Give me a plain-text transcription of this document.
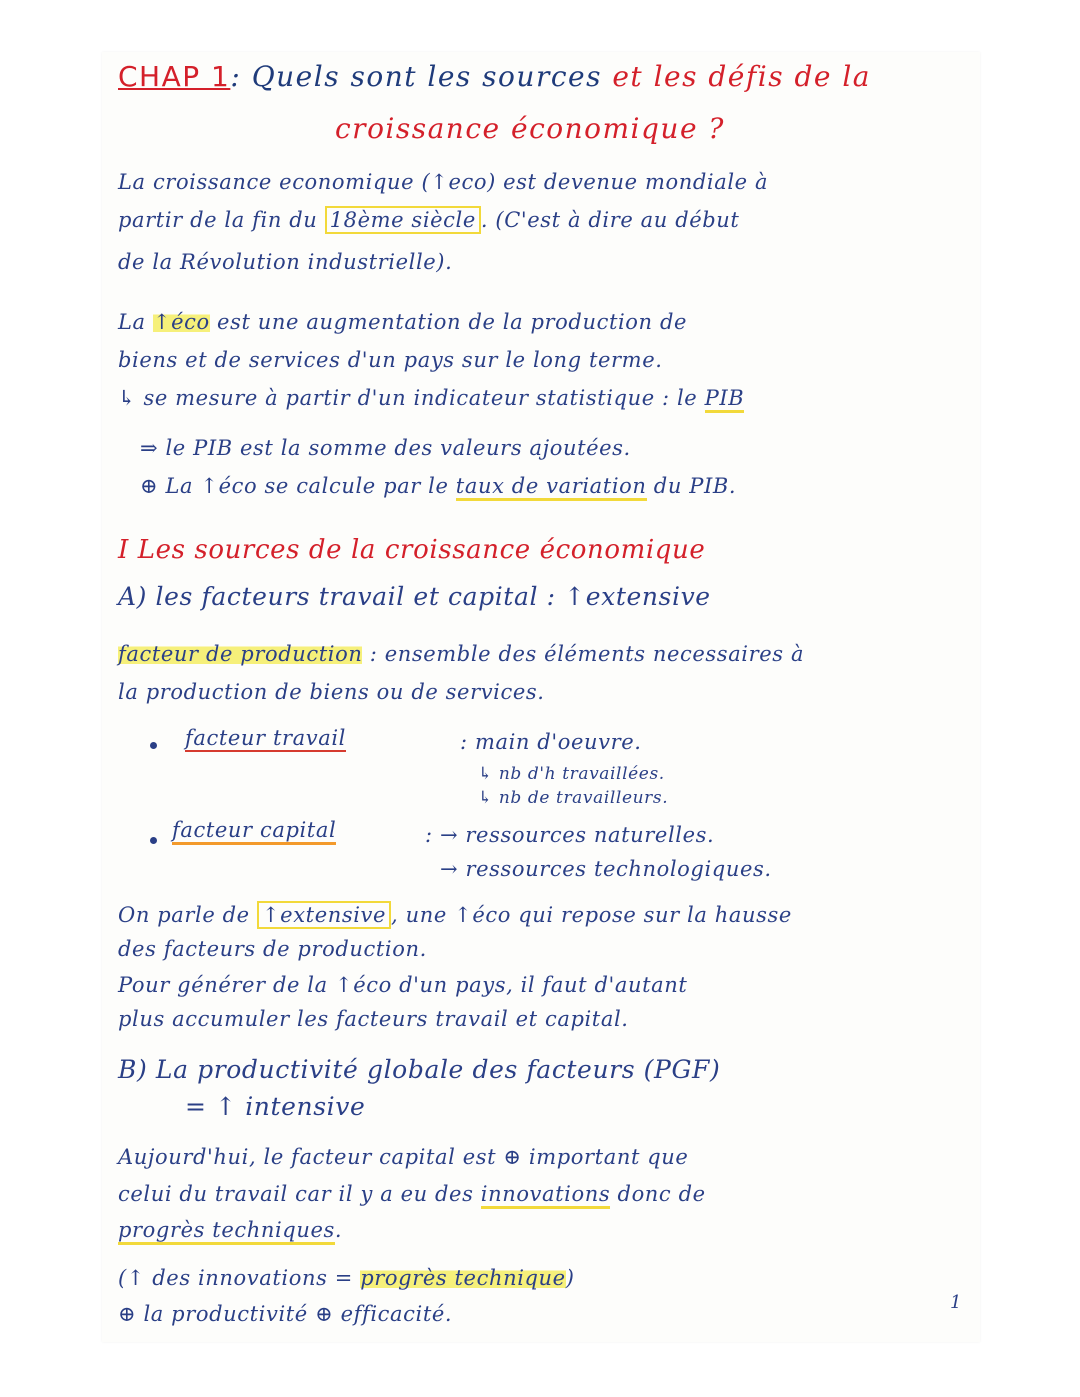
CHAP 1: Quels sont les sources et les défis de la
croissance économique ?
La croissance economique (↑eco) est devenue mondiale à
partir de la fin du 18ème siècle . (C'est à dire au début
de la Révolution industrielle).
La ↑éco est une augmentation de la production de
biens et de services d'un pays sur le long terme.
↳ se mesure à partir d'un indicateur statistique : le PIB
⇒ le PIB est la somme des valeurs ajoutées.
⊕ La ↑éco se calcule par le taux de variation du PIB.
I Les sources de la croissance économique
A) les facteurs travail et capital : ↑extensive
facteur de production : ensemble des éléments necessaires à
la production de biens ou de services.
facteur travail	: main d'oeuvre.
↳ nb d'h travaillées.
↳ nb de travailleurs.
facteur capital	: → ressources naturelles.
→ ressources technologiques.
On parle de ↑extensive , une ↑éco qui repose sur la hausse
des facteurs de production.
Pour générer de la ↑éco d'un pays, il faut d'autant
plus accumuler les facteurs travail et capital.
B) La productivité globale des facteurs (PGF)
= ↑ intensive
Aujourd'hui, le facteur capital est ⊕ important que
celui du travail car il y a eu des innovations donc de
progrès techniques.
(↑ des innovations = progrès technique)
⊕ la productivité ⊕ efficacité.	1
